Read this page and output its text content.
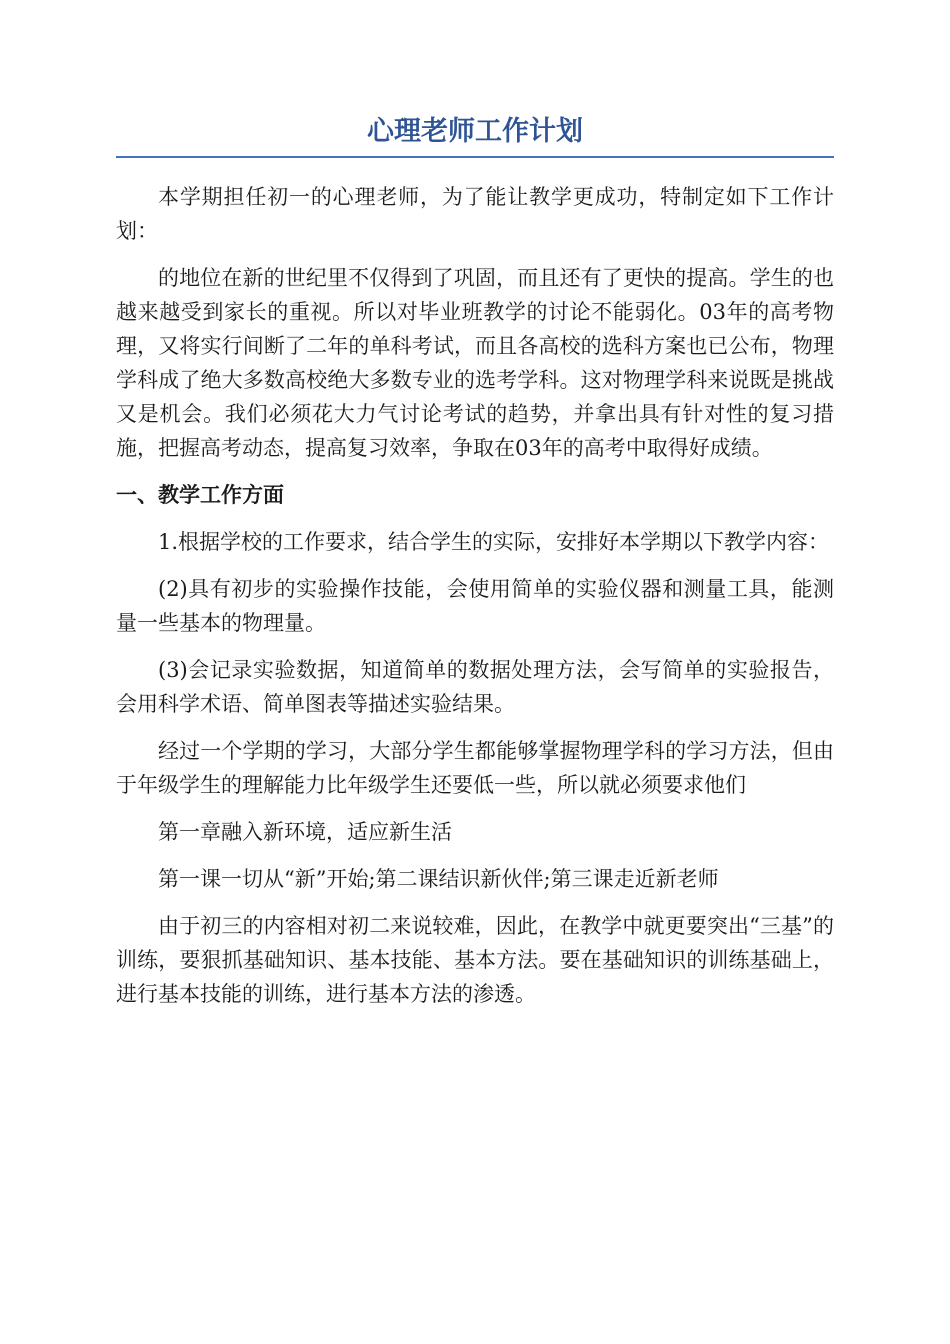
心理老师工作计划

本学期担任初一的心理老师，为了能让教学更成功，特制定如下工作计划：

的地位在新的世纪里不仅得到了巩固，而且还有了更快的提高。学生的也越来越受到家长的重视。所以对毕业班教学的讨论不能弱化。03年的高考物理，又将实行间断了二年的单科考试，而且各高校的选科方案也已公布，物理学科成了绝大多数高校绝大多数专业的选考学科。这对物理学科来说既是挑战又是机会。我们必须花大力气讨论考试的趋势，并拿出具有针对性的复习措施，把握高考动态，提高复习效率，争取在03年的高考中取得好成绩。

一、教学工作方面

1.根据学校的工作要求，结合学生的实际，安排好本学期以下教学内容：

(2)具有初步的实验操作技能，会使用简单的实验仪器和测量工具，能测量一些基本的物理量。

(3)会记录实验数据，知道简单的数据处理方法，会写简单的实验报告，会用科学术语、简单图表等描述实验结果。

经过一个学期的学习，大部分学生都能够掌握物理学科的学习方法，但由于年级学生的理解能力比年级学生还要低一些，所以就必须要求他们

第一章融入新环境，适应新生活

第一课一切从“新”开始;第二课结识新伙伴;第三课走近新老师

由于初三的内容相对初二来说较难，因此，在教学中就更要突出“三基”的训练，要狠抓基础知识、基本技能、基本方法。要在基础知识的训练基础上，进行基本技能的训练，进行基本方法的渗透。
